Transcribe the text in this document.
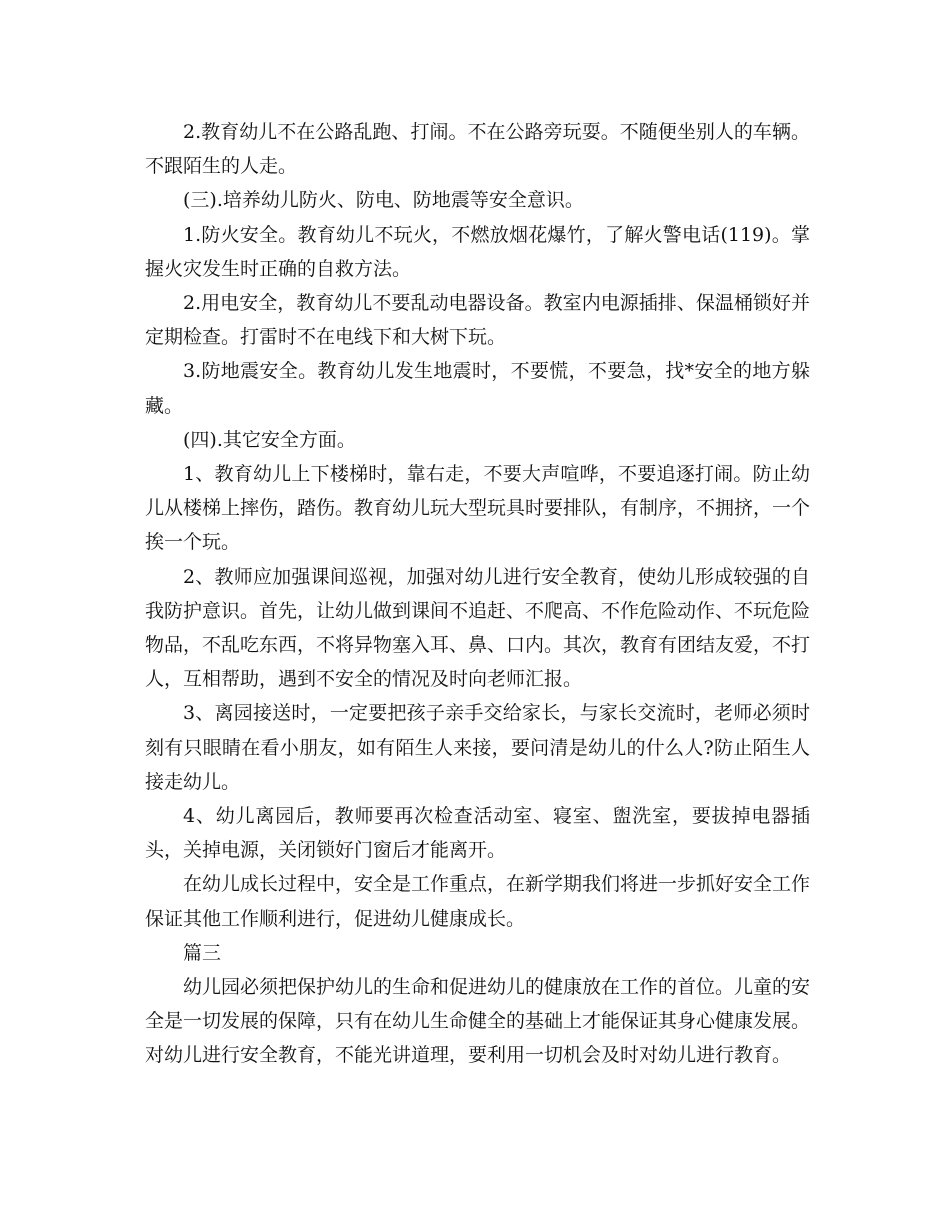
2.教育幼儿不在公路乱跑、打闹。不在公路旁玩耍。不随便坐别人的车辆。不跟陌生的人走。

(三).培养幼儿防火、防电、防地震等安全意识。

1.防火安全。教育幼儿不玩火，不燃放烟花爆竹，了解火警电话(119)。掌握火灾发生时正确的自救方法。

2.用电安全，教育幼儿不要乱动电器设备。教室内电源插排、保温桶锁好并定期检查。打雷时不在电线下和大树下玩。

3.防地震安全。教育幼儿发生地震时，不要慌，不要急，找*安全的地方躲藏。

(四).其它安全方面。

1、教育幼儿上下楼梯时，靠右走，不要大声喧哗，不要追逐打闹。防止幼儿从楼梯上摔伤，踏伤。教育幼儿玩大型玩具时要排队，有制序，不拥挤，一个挨一个玩。

2、教师应加强课间巡视，加强对幼儿进行安全教育，使幼儿形成较强的自我防护意识。首先，让幼儿做到课间不追赶、不爬高、不作危险动作、不玩危险物品，不乱吃东西，不将异物塞入耳、鼻、口内。其次，教育有团结友爱，不打人，互相帮助，遇到不安全的情况及时向老师汇报。

3、离园接送时，一定要把孩子亲手交给家长，与家长交流时，老师必须时刻有只眼睛在看小朋友，如有陌生人来接，要问清是幼儿的什么人?防止陌生人接走幼儿。

4、幼儿离园后，教师要再次检查活动室、寝室、盥洗室，要拔掉电器插头，关掉电源，关闭锁好门窗后才能离开。

在幼儿成长过程中，安全是工作重点，在新学期我们将进一步抓好安全工作保证其他工作顺利进行，促进幼儿健康成长。

篇三

幼儿园必须把保护幼儿的生命和促进幼儿的健康放在工作的首位。儿童的安全是一切发展的保障，只有在幼儿生命健全的基础上才能保证其身心健康发展。对幼儿进行安全教育，不能光讲道理，要利用一切机会及时对幼儿进行教育。
